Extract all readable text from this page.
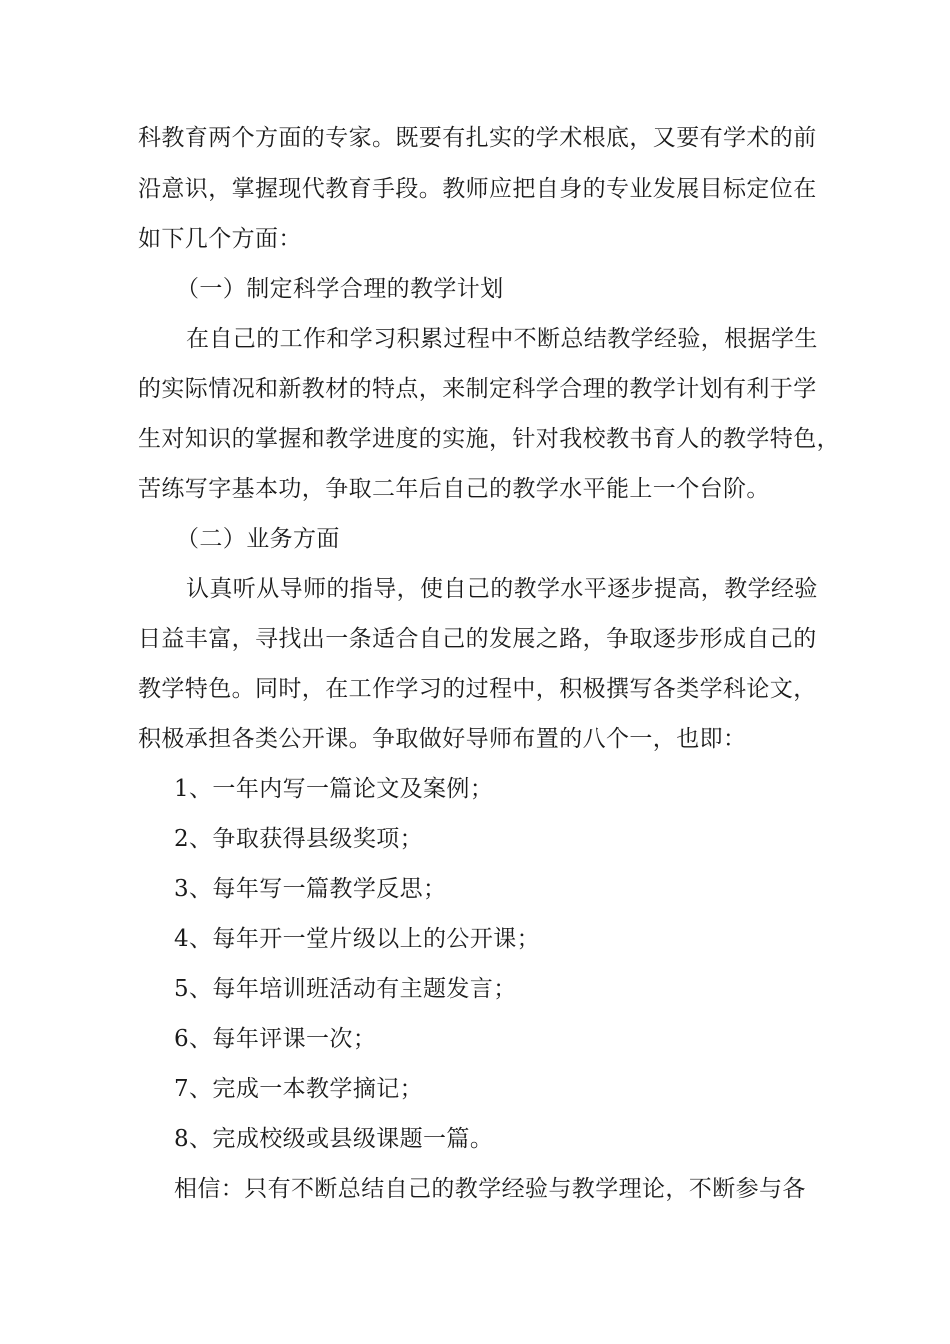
科教育两个方面的专家。既要有扎实的学术根底，又要有学术的前
沿意识，掌握现代教育手段。教师应把自身的专业发展目标定位在
如下几个方面：
（一）制定科学合理的教学计划
在自己的工作和学习积累过程中不断总结教学经验，根据学生
的实际情况和新教材的特点，来制定科学合理的教学计划有利于学
生对知识的掌握和教学进度的实施，针对我校教书育人的教学特色，
苦练写字基本功，争取二年后自己的教学水平能上一个台阶。
（二）业务方面
认真听从导师的指导，使自己的教学水平逐步提高，教学经验
日益丰富，寻找出一条适合自己的发展之路，争取逐步形成自己的
教学特色。同时，在工作学习的过程中，积极撰写各类学科论文，
积极承担各类公开课。争取做好导师布置的八个一，也即：
1、一年内写一篇论文及案例；
2、争取获得县级奖项；
3、每年写一篇教学反思；
4、每年开一堂片级以上的公开课；
5、每年培训班活动有主题发言；
6、每年评课一次；
7、完成一本教学摘记；
8、完成校级或县级课题一篇。
相信：只有不断总结自己的教学经验与教学理论，不断参与各
